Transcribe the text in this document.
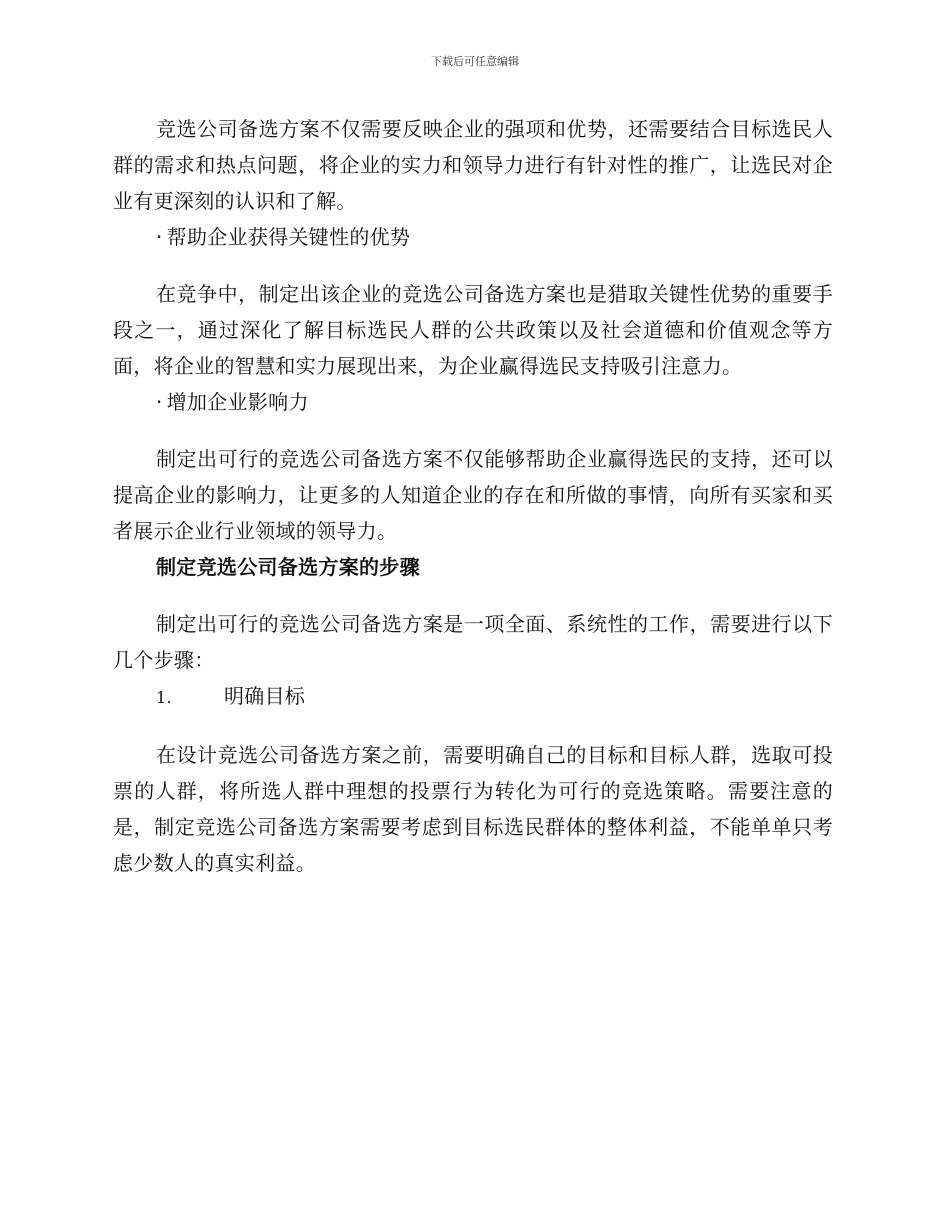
下载后可任意编辑

竞选公司备选方案不仅需要反映企业的强项和优势，还需要结合目标选民人群的需求和热点问题，将企业的实力和领导力进行有针对性的推广，让选民对企业有更深刻的认识和了解。

· 帮助企业获得关键性的优势

在竞争中，制定出该企业的竞选公司备选方案也是猎取关键性优势的重要手段之一，通过深化了解目标选民人群的公共政策以及社会道德和价值观念等方面，将企业的智慧和实力展现出来，为企业赢得选民支持吸引注意力。

· 增加企业影响力

制定出可行的竞选公司备选方案不仅能够帮助企业赢得选民的支持，还可以提高企业的影响力，让更多的人知道企业的存在和所做的事情，向所有买家和买者展示企业行业领域的领导力。

制定竞选公司备选方案的步骤

制定出可行的竞选公司备选方案是一项全面、系统性的工作，需要进行以下几个步骤：

1.	明确目标

在设计竞选公司备选方案之前，需要明确自己的目标和目标人群，选取可投票的人群，将所选人群中理想的投票行为转化为可行的竞选策略。需要注意的是，制定竞选公司备选方案需要考虑到目标选民群体的整体利益，不能单单只考虑少数人的真实利益。
